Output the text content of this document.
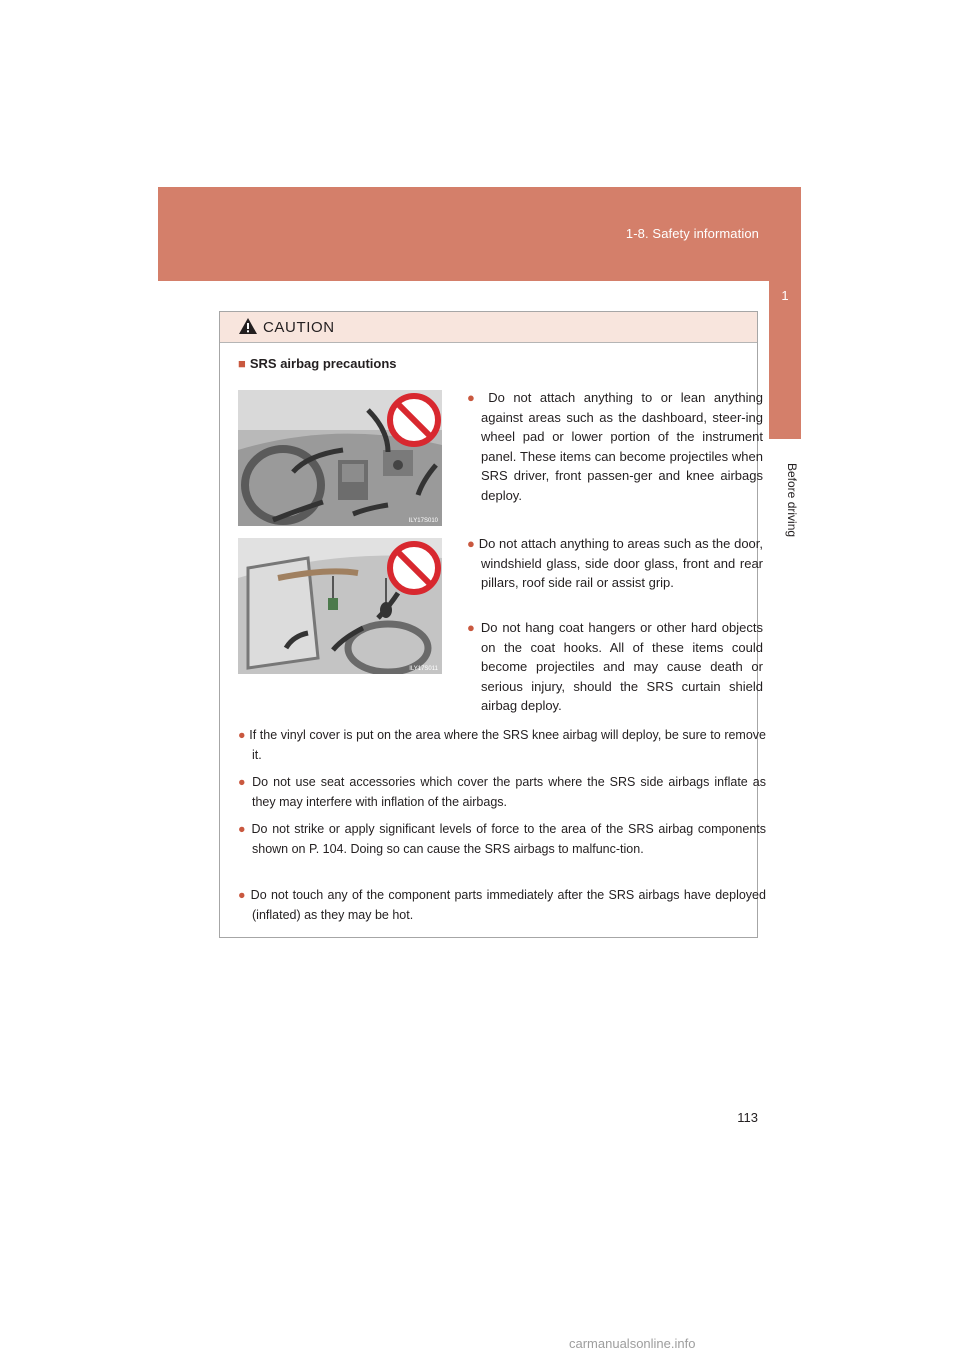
1-8. Safety information
1
Before driving
CAUTION
■ SRS airbag precautions
ILY17S010
ILY17S011
● Do not attach anything to or lean anything against areas such as the dashboard, steer-ing wheel pad or lower portion of the instrument panel. These items can become projectiles when SRS driver, front passen-ger and knee airbags deploy.
● Do not attach anything to areas such as the door, windshield glass, side door glass, front and rear pillars, roof side rail or assist grip.
● Do not hang coat hangers or other hard objects on the coat hooks. All of these items could become projectiles and may cause death or serious injury, should the SRS curtain shield airbag deploy.
● If the vinyl cover is put on the area where the SRS knee airbag will deploy, be sure to remove it.
● Do not use seat accessories which cover the parts where the SRS side airbags inflate as they may interfere with inflation of the airbags.
● Do not strike or apply significant levels of force to the area of the SRS airbag components shown on P. 104. Doing so can cause the SRS airbags to malfunc-tion.
● Do not touch any of the component parts immediately after the SRS airbags have deployed (inflated) as they may be hot.
113
carmanualsonline.info
